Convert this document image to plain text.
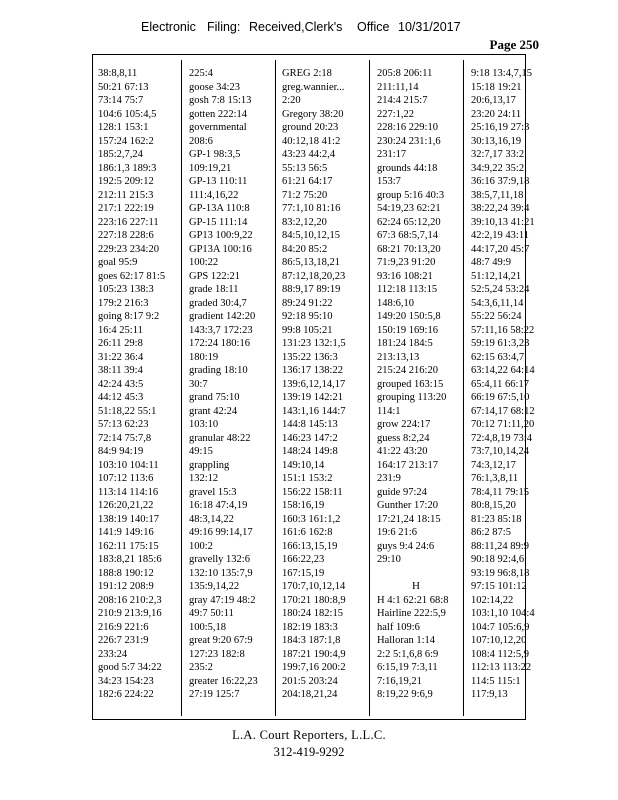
Electronic Filing: Received,Clerk's Office 10/31/2017
Page 250
38:8,8,11
50:21 67:13
73:14 75:7
104:6 105:4,5
128:1 153:1
157:24 162:2
185:2,7,24
186:1,3 189:3
192:5 209:12
212:11 215:3
217:1 222:19
223:16 227:11
227:18 228:6
229:23 234:20
goal 95:9
goes 62:17 81:5
105:23 138:3
179:2 216:3
going 8:17 9:2
16:4 25:11
26:11 29:8
31:22 36:4
38:11 39:4
42:24 43:5
44:12 45:3
51:18,22 55:1
57:13 62:23
72:14 75:7,8
84:9 94:19
103:10 104:11
107:12 113:6
113:14 114:16
126:20,21,22
138:19 140:17
141:9 149:16
162:11 175:15
183:8,21 185:6
188:8 190:12
191:12 208:9
208:16 210:2,3
210:9 213:9,16
216:9 221:6
226:7 231:9
233:24
good 5:7 34:22
34:23 154:23
182:6 224:22
225:4
goose 34:23
gosh 7:8 15:13
gotten 222:14
governmental
208:6
GP-1 98:3,5
109:19,21
GP-13 110:11
111:4,16,22
GP-13A 110:8
GP-15 111:14
GP13 100:9,22
GP13A 100:16
100:22
GPS 122:21
grade 18:11
graded 30:4,7
gradient 142:20
143:3,7 172:23
172:24 180:16
180:19
grading 18:10
30:7
grand 75:10
grant 42:24
103:10
granular 48:22
49:15
grappling
132:12
gravel 15:3
16:18 47:4,19
48:3,14,22
49:16 99:14,17
100:2
gravelly 132:6
132:10 135:7,9
135:9,14,22
gray 47:19 48:2
49:7 50:11
100:5,18
great 9:20 67:9
127:23 182:8
235:2
greater 16:22,23
27:19 125:7
GREG 2:18
greg.wannier...
2:20
Gregory 38:20
ground 20:23
40:12,18 41:2
43:23 44:2,4
55:13 56:5
61:21 64:17
71:2 75:20
77:1,10 81:16
83:2,12,20
84:5,10,12,15
84:20 85:2
86:5,13,18,21
87:12,18,20,23
88:9,17 89:19
89:24 91:22
92:18 95:10
99:8 105:21
131:23 132:1,5
135:22 136:3
136:17 138:22
139:6,12,14,17
139:19 142:21
143:1,16 144:7
144:8 145:13
146:23 147:2
148:24 149:8
149:10,14
151:1 153:2
156:22 158:11
158:16,19
160:3 161:1,2
161:6 162:8
166:13,15,19
166:22,23
167:15,19
170:7,10,12,14
170:21 180:8,9
180:24 182:15
182:19 183:3
184:3 187:1,8
187:21 190:4,9
199:7,16 200:2
201:5 203:24
204:18,21,24
205:8 206:11
211:11,14
214:4 215:7
227:1,22
228:16 229:10
230:24 231:1,6
231:17
grounds 44:18
153:7
group 5:16 40:3
54:19,23 62:21
62:24 65:12,20
67:3 68:5,7,14
68:21 70:13,20
71:9,23 91:20
93:16 108:21
112:18 113:15
148:6,10
149:20 150:5,8
150:19 169:16
181:24 184:5
213:13,13
215:24 216:20
grouped 163:15
grouping 113:20
114:1
grow 224:17
guess 8:2,24
41:22 43:20
164:17 213:17
231:9
guide 97:24
Gunther 17:20
17:21,24 18:15
19:6 21:6
guys 9:4 24:6
29:10
H
H 4:1 62:21 68:8
Hairline 222:5,9
half 109:6
Halloran 1:14
2:2 5:1,6,8 6:9
6:15,19 7:3,11
7:16,19,21
8:19,22 9:6,9
9:18 13:4,7,15
15:18 19:21
20:6,13,17
23:20 24:11
25:16,19 27:3
30:13,16,19
32:7,17 33:2
34:9,22 35:2
36:16 37:9,18
38:5,7,11,18
38:22,24 39:4
39:10,13 41:21
42:2,19 43:11
44:17,20 45:7
48:7 49:9
51:12,14,21
52:5,24 53:24
54:3,6,11,14
55:22 56:24
57:11,16 58:22
59:19 61:3,23
62:15 63:4,7
63:14,22 64:14
65:4,11 66:17
66:19 67:5,10
67:14,17 68:12
70:12 71:11,20
72:4,8,19 73:4
73:7,10,14,24
74:3,12,17
76:1,3,8,11
78:4,11 79:15
80:8,15,20
81:23 85:18
86:2 87:5
88:11,24 89:9
90:18 92:4,6
93:19 96:8,18
97:15 101:12
102:14,22
103:1,10 104:4
104:7 105:6,9
107:10,12,20
108:4 112:5,9
112:13 113:22
114:5 115:1
117:9,13
L.A. Court Reporters, L.L.C.
312-419-9292
